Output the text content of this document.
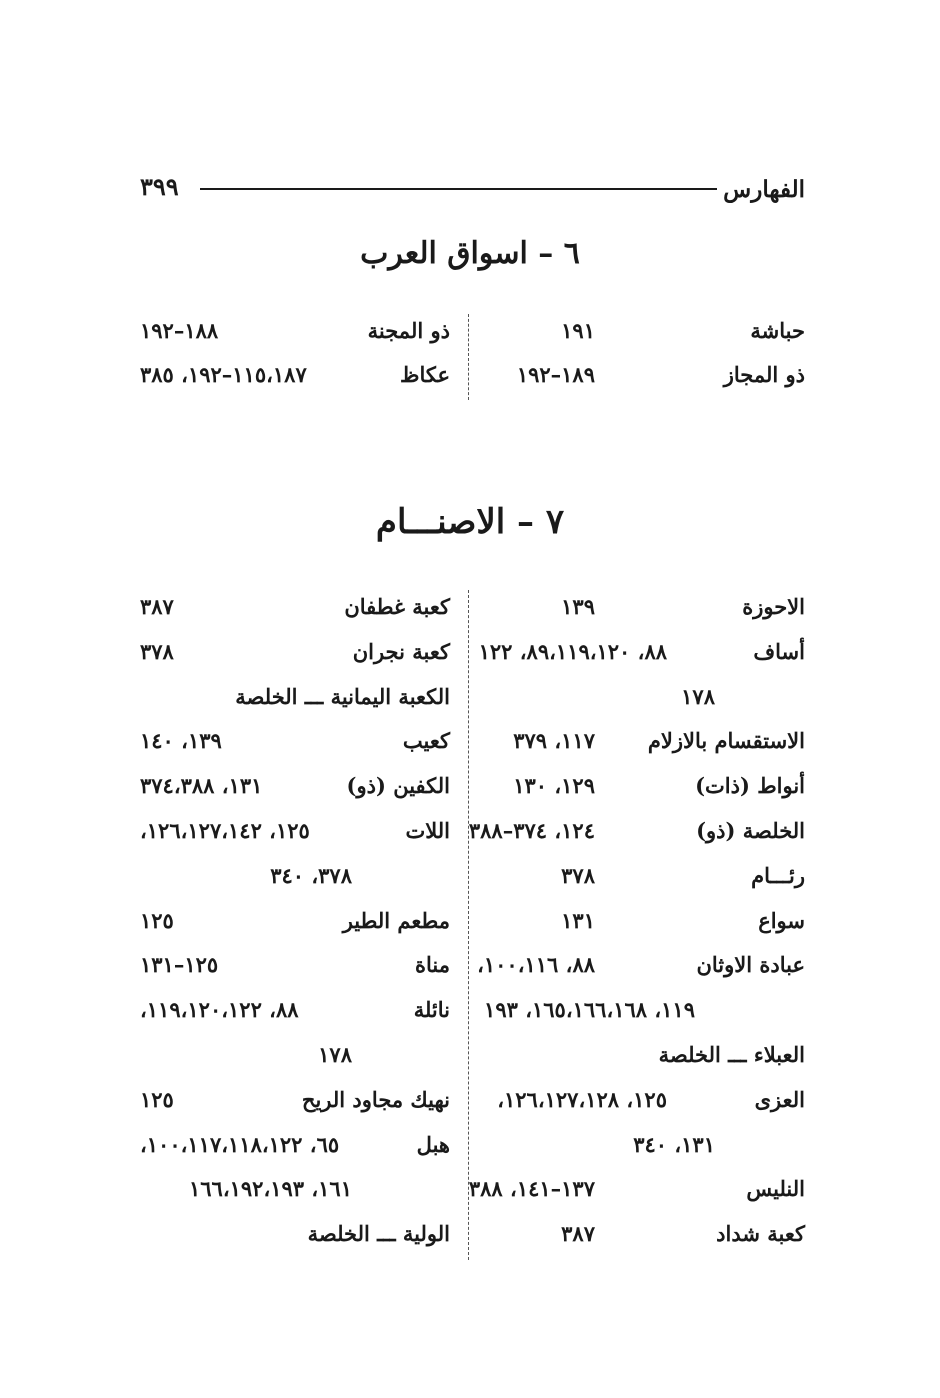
الفهارس
٣٩٩
٦ – اسواق العرب
حباشة
١٩١
ذو المجنة
١٨٨–١٩٢
ذو المجاز
١٨٩–١٩٢
عكاظ
١١٥،١٨٧–١٩٢، ٣٨٥
٧ – الاصنـــام
الاحوزة
١٣٩
كعبة غطفان
٣٨٧
أساف
٨٨، ٨٩،١١٩،١٢٠، ١٢٢
كعبة نجران
٣٧٨
١٧٨
الكعبة اليمانية ـــ الخلصة
الاستقسام بالازلام
١١٧، ٣٧٩
كعيب
١٣٩، ١٤٠
أنواط (ذات)
١٢٩، ١٣٠
الكفين (ذو)
١٣١، ٣٧٤،٣٨٨
الخلصة (ذو)
١٢٤، ٣٧٤–٣٨٨
اللات
١٢٥، ١٢٦،١٢٧،١٤٢،
رئـــام
٣٧٨
٣٧٨، ٣٤٠
سواع
١٣١
مطعم الطير
١٢٥
عبادة الاوثان
٨٨، ١٠٠،١١٦،
مناة
١٢٥–١٣١
١١٩، ١٦٥،١٦٦،١٦٨، ١٩٣
نائلة
٨٨، ١١٩،١٢٠،١٢٢،
العبلاء ـــ الخلصة
١٧٨
العزى
١٢٥، ١٢٦،١٢٧،١٢٨،
نهيك مجاود الريح
١٢٥
١٣١، ٣٤٠
هبل
٦٥، ١٠٠،١١٧،١١٨،١٢٢،
النليس
١٣٧–١٤١، ٣٨٨
١٦١، ١٦٦،١٩٢،١٩٣
كعبة شداد
٣٨٧
الولية ـــ الخلصة
